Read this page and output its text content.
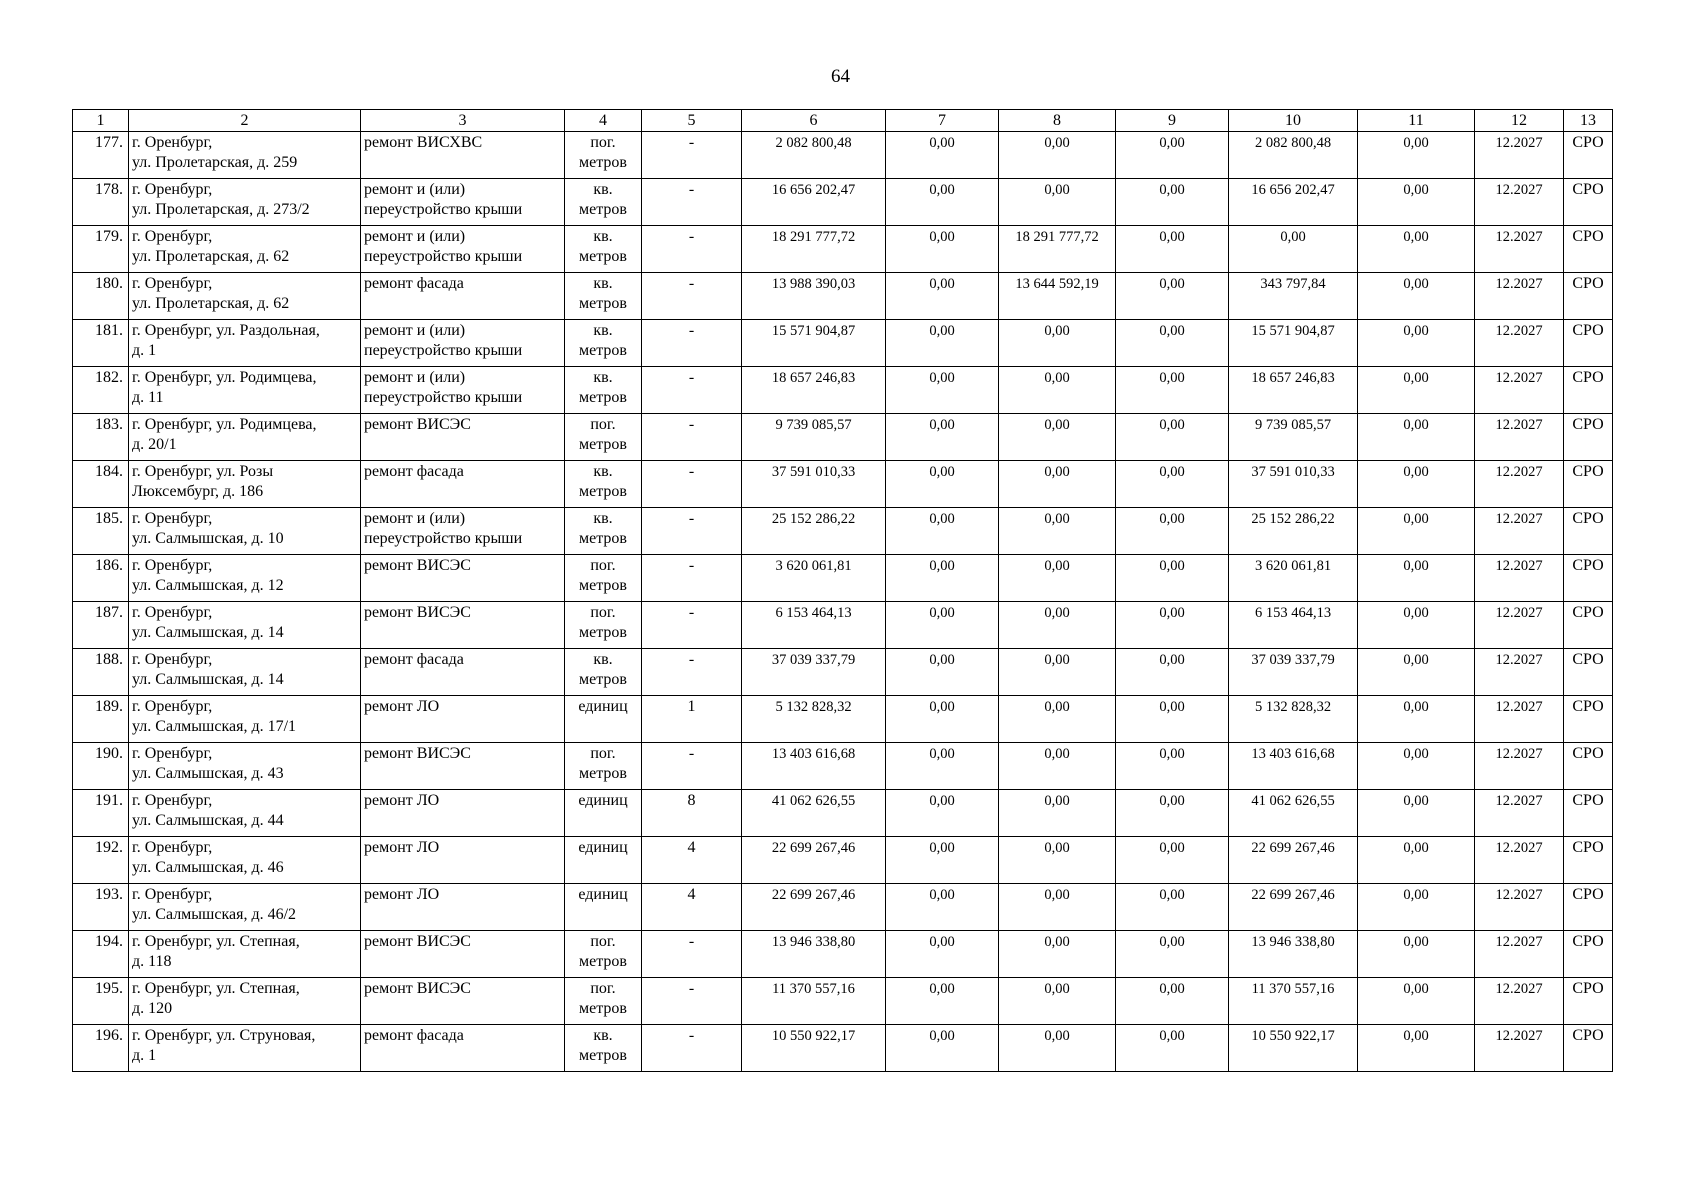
64
1	2	3	4	5	6	7	8	9	10	11	12	13
177.	г. Оренбург,
ул. Пролетарская, д. 259	ремонт ВИСХВС	пог.
метров	-	2 082 800,48	0,00	0,00	0,00	2 082 800,48	0,00	12.2027	СРО
178.	г. Оренбург,
ул. Пролетарская, д. 273/2	ремонт и (или)
переустройство крыши	кв.
метров	-	16 656 202,47	0,00	0,00	0,00	16 656 202,47	0,00	12.2027	СРО
179.	г. Оренбург,
ул. Пролетарская, д. 62	ремонт и (или)
переустройство крыши	кв.
метров	-	18 291 777,72	0,00	18 291 777,72	0,00	0,00	0,00	12.2027	СРО
180.	г. Оренбург,
ул. Пролетарская, д. 62	ремонт фасада	кв.
метров	-	13 988 390,03	0,00	13 644 592,19	0,00	343 797,84	0,00	12.2027	СРО
181.	г. Оренбург, ул. Раздольная,
д. 1	ремонт и (или)
переустройство крыши	кв.
метров	-	15 571 904,87	0,00	0,00	0,00	15 571 904,87	0,00	12.2027	СРО
182.	г. Оренбург, ул. Родимцева,
д. 11	ремонт и (или)
переустройство крыши	кв.
метров	-	18 657 246,83	0,00	0,00	0,00	18 657 246,83	0,00	12.2027	СРО
183.	г. Оренбург, ул. Родимцева,
д. 20/1	ремонт ВИСЭС	пог.
метров	-	9 739 085,57	0,00	0,00	0,00	9 739 085,57	0,00	12.2027	СРО
184.	г. Оренбург, ул. Розы
Люксембург, д. 186	ремонт фасада	кв.
метров	-	37 591 010,33	0,00	0,00	0,00	37 591 010,33	0,00	12.2027	СРО
185.	г. Оренбург,
ул. Салмышская, д. 10	ремонт и (или)
переустройство крыши	кв.
метров	-	25 152 286,22	0,00	0,00	0,00	25 152 286,22	0,00	12.2027	СРО
186.	г. Оренбург,
ул. Салмышская, д. 12	ремонт ВИСЭС	пог.
метров	-	3 620 061,81	0,00	0,00	0,00	3 620 061,81	0,00	12.2027	СРО
187.	г. Оренбург,
ул. Салмышская, д. 14	ремонт ВИСЭС	пог.
метров	-	6 153 464,13	0,00	0,00	0,00	6 153 464,13	0,00	12.2027	СРО
188.	г. Оренбург,
ул. Салмышская, д. 14	ремонт фасада	кв.
метров	-	37 039 337,79	0,00	0,00	0,00	37 039 337,79	0,00	12.2027	СРО
189.	г. Оренбург,
ул. Салмышская, д. 17/1	ремонт ЛО	единиц	1	5 132 828,32	0,00	0,00	0,00	5 132 828,32	0,00	12.2027	СРО
190.	г. Оренбург,
ул. Салмышская, д. 43	ремонт ВИСЭС	пог.
метров	-	13 403 616,68	0,00	0,00	0,00	13 403 616,68	0,00	12.2027	СРО
191.	г. Оренбург,
ул. Салмышская, д. 44	ремонт ЛО	единиц	8	41 062 626,55	0,00	0,00	0,00	41 062 626,55	0,00	12.2027	СРО
192.	г. Оренбург,
ул. Салмышская, д. 46	ремонт ЛО	единиц	4	22 699 267,46	0,00	0,00	0,00	22 699 267,46	0,00	12.2027	СРО
193.	г. Оренбург,
ул. Салмышская, д. 46/2	ремонт ЛО	единиц	4	22 699 267,46	0,00	0,00	0,00	22 699 267,46	0,00	12.2027	СРО
194.	г. Оренбург, ул. Степная,
д. 118	ремонт ВИСЭС	пог.
метров	-	13 946 338,80	0,00	0,00	0,00	13 946 338,80	0,00	12.2027	СРО
195.	г. Оренбург, ул. Степная,
д. 120	ремонт ВИСЭС	пог.
метров	-	11 370 557,16	0,00	0,00	0,00	11 370 557,16	0,00	12.2027	СРО
196.	г. Оренбург, ул. Струновая,
д. 1	ремонт фасада	кв.
метров	-	10 550 922,17	0,00	0,00	0,00	10 550 922,17	0,00	12.2027	СРО
